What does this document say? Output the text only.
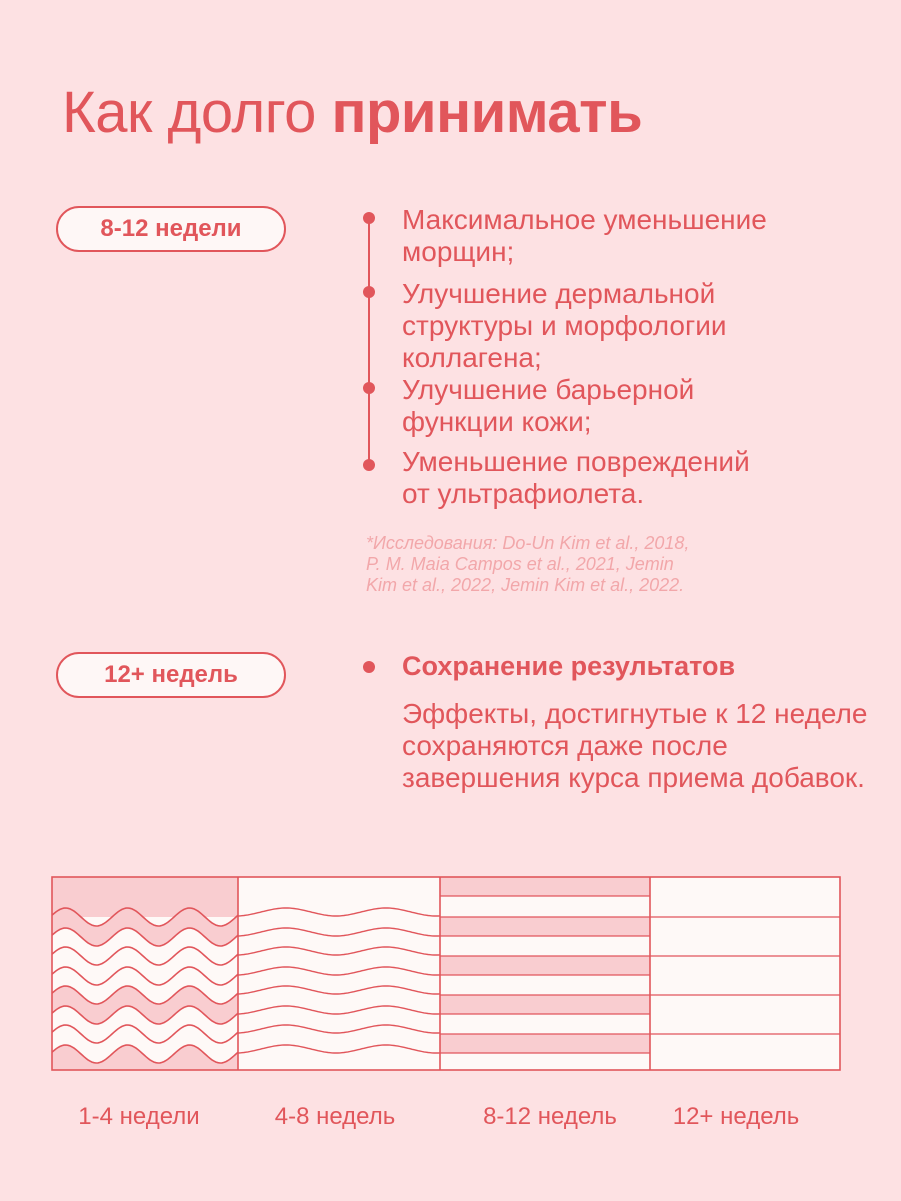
Как долго принимать
8-12 недели	Максимальное уменьшение
морщин;
Улучшение дермальной
структуры и морфологии
коллагена;
Улучшение барьерной
функции кожи;
Уменьшение повреждений
от ультрафиолета.
*Исследования: Do-Un Kim et al., 2018,
P. M. Maia Campos et al., 2021, Jemin
Kim et al., 2022, Jemin Kim et al., 2022.
12+ недель	Сохранение результатов
Эффекты, достигнутые к 12 неделе сохраняются даже после завершения курса приема добавок.
1-4 недели	4-8 недель	8-12 недель	12+ недель
